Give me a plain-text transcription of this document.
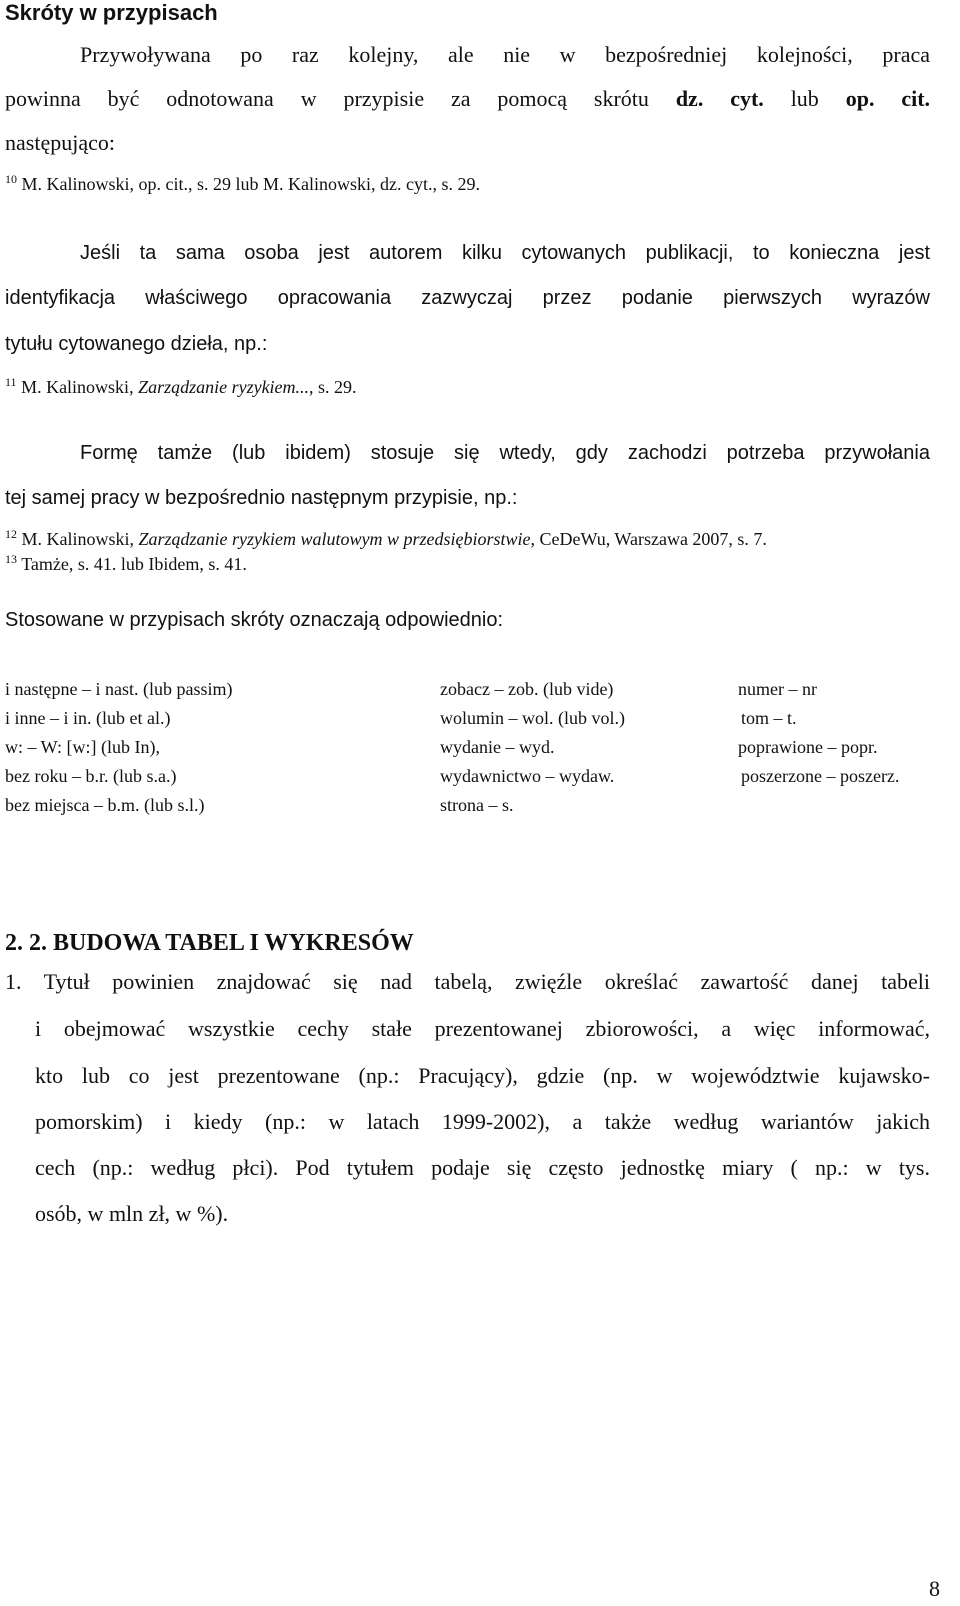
Skróty w przypisach
Przywoływana po raz kolejny, ale nie w bezpośredniej kolejności, praca
powinna być odnotowana w przypisie za pomocą skrótu dz. cyt. lub op. cit.
następująco:
$^{10}$ M. Kalinowski, op. cit., s. 29 lub M. Kalinowski, dz. cyt., s. 29.
Jeśli ta sama osoba jest autorem kilku cytowanych publikacji, to konieczna jest
identyfikacja właściwego opracowania zazwyczaj przez podanie pierwszych wyrazów
tytułu cytowanego dzieła, np.:
$^{11}$ M. Kalinowski, Zarządzanie ryzykiem..., s. 29.
Formę tamże (lub ibidem) stosuje się wtedy, gdy zachodzi potrzeba przywołania
tej samej pracy w bezpośrednio następnym przypisie, np.:
$^{12}$ M. Kalinowski, Zarządzanie ryzykiem walutowym w przedsiębiorstwie, CeDeWu, Warszawa 2007, s. 7.
$^{13}$ Tamże, s. 41. lub Ibidem, s. 41.
Stosowane w przypisach skróty oznaczają odpowiednio:
i następne – i nast. (lub passim)
i inne – i in. (lub et al.)
w: – W: [w:] (lub In),
bez roku – b.r. (lub s.a.)
bez miejsca – b.m. (lub s.l.)
zobacz – zob. (lub vide)
wolumin – wol. (lub vol.)
wydanie – wyd.
wydawnictwo – wydaw.
strona – s.
numer – nr
tom – t.
poprawione – popr.
poszerzone – poszerz.
2. 2. BUDOWA TABEL I WYKRESÓW
1. Tytuł powinien znajdować się nad tabelą, zwięźle określać zawartość danej tabeli
i obejmować wszystkie cechy stałe prezentowanej zbiorowości, a więc informować,
kto lub co jest prezentowane (np.: Pracujący), gdzie (np. w województwie kujawsko-
pomorskim) i kiedy (np.: w latach 1999-2002), a także według wariantów jakich
cech (np.: według płci). Pod tytułem podaje się często jednostkę miary ( np.: w tys.
osób, w mln zł, w %).
8
